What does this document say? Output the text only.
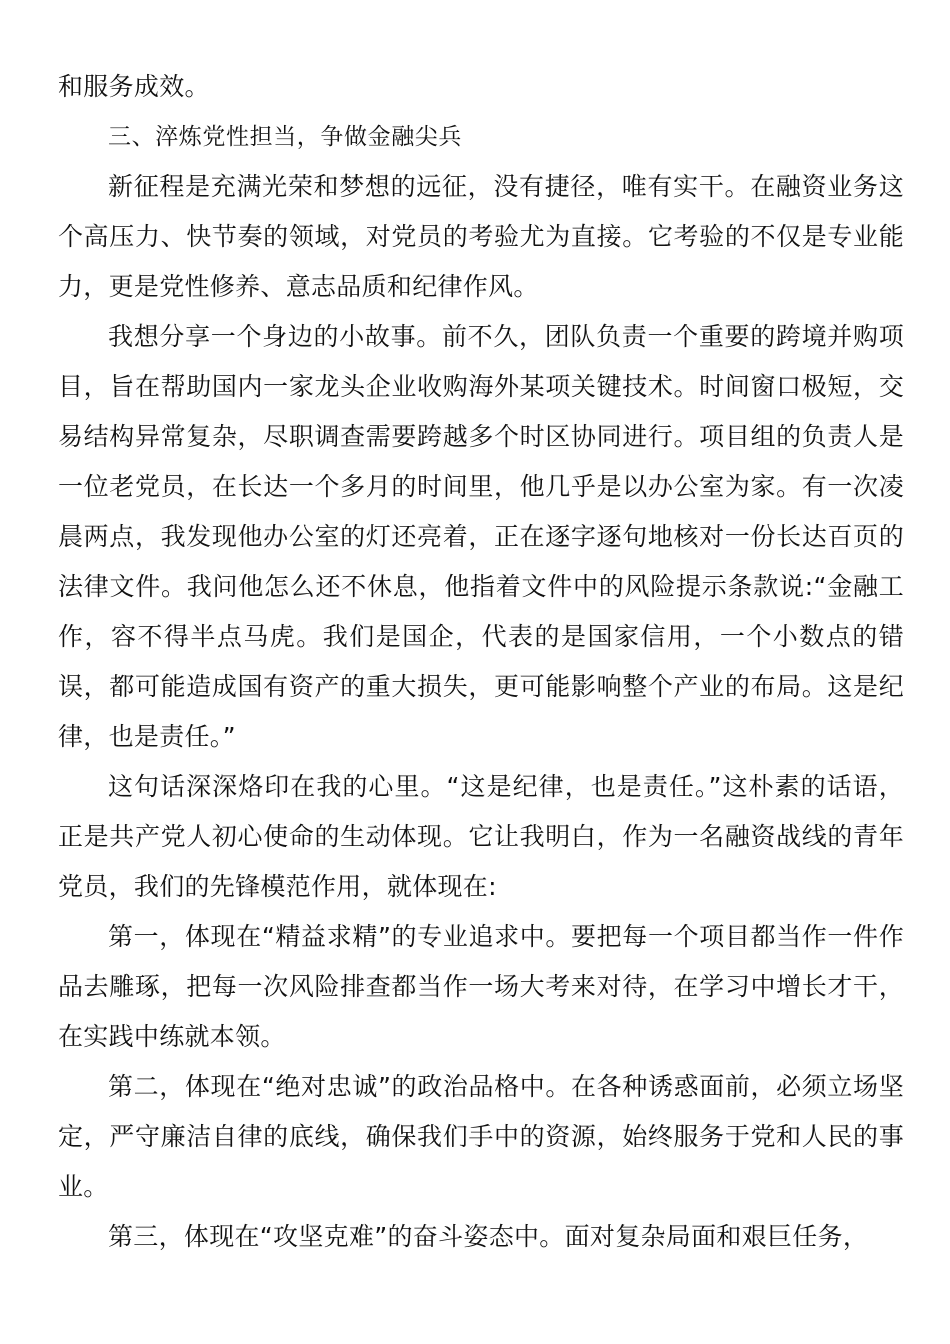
和服务成效。

三、淬炼党性担当，争做金融尖兵

新征程是充满光荣和梦想的远征，没有捷径，唯有实干。在融资业务这个高压力、快节奏的领域，对党员的考验尤为直接。它考验的不仅是专业能力，更是党性修养、意志品质和纪律作风。

我想分享一个身边的小故事。前不久，团队负责一个重要的跨境并购项目，旨在帮助国内一家龙头企业收购海外某项关键技术。时间窗口极短，交易结构异常复杂，尽职调查需要跨越多个时区协同进行。项目组的负责人是一位老党员，在长达一个多月的时间里，他几乎是以办公室为家。有一次凌晨两点，我发现他办公室的灯还亮着，正在逐字逐句地核对一份长达百页的法律文件。我问他怎么还不休息，他指着文件中的风险提示条款说:“金融工作，容不得半点马虎。我们是国企，代表的是国家信用，一个小数点的错误，都可能造成国有资产的重大损失，更可能影响整个产业的布局。这是纪律，也是责任。”

这句话深深烙印在我的心里。“这是纪律，也是责任。”这朴素的话语，正是共产党人初心使命的生动体现。它让我明白，作为一名融资战线的青年党员，我们的先锋模范作用，就体现在:

第一，体现在“精益求精”的专业追求中。要把每一个项目都当作一件作品去雕琢，把每一次风险排查都当作一场大考来对待，在学习中增长才干，在实践中练就本领。

第二，体现在“绝对忠诚”的政治品格中。在各种诱惑面前，必须立场坚定，严守廉洁自律的底线，确保我们手中的资源，始终服务于党和人民的事业。

第三，体现在“攻坚克难”的奋斗姿态中。面对复杂局面和艰巨任务，
